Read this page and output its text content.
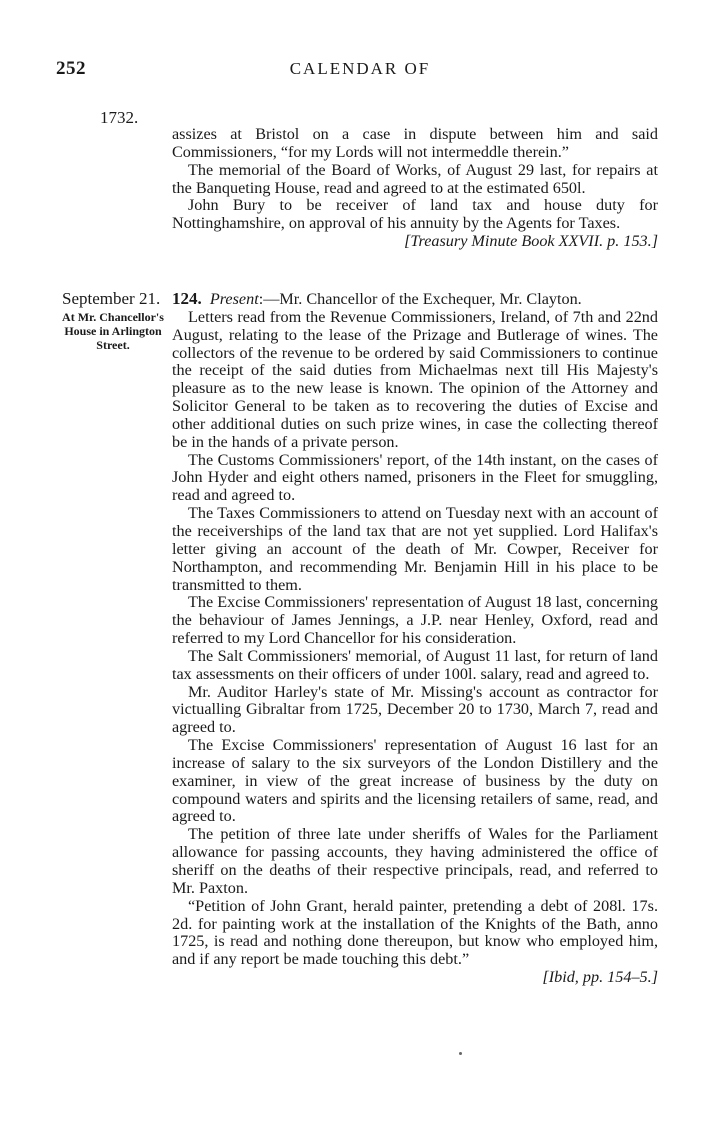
252	CALENDAR OF
1732.

assizes at Bristol on a case in dispute between him and said Commissioners, “for my Lords will not intermeddle therein.”

The memorial of the Board of Works, of August 29 last, for repairs at the Banqueting House, read and agreed to at the estimated 650l.

John Bury to be receiver of land tax and house duty for Nottinghamshire, on approval of his annuity by the Agents for Taxes.

[Treasury Minute Book XXVII. p. 153.]
September 21.
At Mr. Chancellor's House in Arlington Street.

124. Present:—Mr. Chancellor of the Exchequer, Mr. Clayton.

Letters read from the Revenue Commissioners, Ireland, of 7th and 22nd August, relating to the lease of the Prizage and Butlerage of wines. The collectors of the revenue to be ordered by said Commissioners to continue the receipt of the said duties from Michaelmas next till His Majesty's pleasure as to the new lease is known. The opinion of the Attorney and Solicitor General to be taken as to recovering the duties of Excise and other additional duties on such prize wines, in case the collecting thereof be in the hands of a private person.

The Customs Commissioners' report, of the 14th instant, on the cases of John Hyder and eight others named, prisoners in the Fleet for smuggling, read and agreed to.

The Taxes Commissioners to attend on Tuesday next with an account of the receiverships of the land tax that are not yet supplied. Lord Halifax's letter giving an account of the death of Mr. Cowper, Receiver for Northampton, and recommending Mr. Benjamin Hill in his place to be transmitted to them.

The Excise Commissioners' representation of August 18 last, concerning the behaviour of James Jennings, a J.P. near Henley, Oxford, read and referred to my Lord Chancellor for his consideration.

The Salt Commissioners' memorial, of August 11 last, for return of land tax assessments on their officers of under 100l. salary, read and agreed to.

Mr. Auditor Harley's state of Mr. Missing's account as contractor for victualling Gibraltar from 1725, December 20 to 1730, March 7, read and agreed to.

The Excise Commissioners' representation of August 16 last for an increase of salary to the six surveyors of the London Distillery and the examiner, in view of the great increase of business by the duty on compound waters and spirits and the licensing retailers of same, read, and agreed to.

The petition of three late under sheriffs of Wales for the Parliament allowance for passing accounts, they having administered the office of sheriff on the deaths of their respective principals, read, and referred to Mr. Paxton.

“Petition of John Grant, herald painter, pretending a debt of 208l. 17s. 2d. for painting work at the installation of the Knights of the Bath, anno 1725, is read and nothing done thereupon, but know who employed him, and if any report be made touching this debt.”

[Ibid, pp. 154–5.]
